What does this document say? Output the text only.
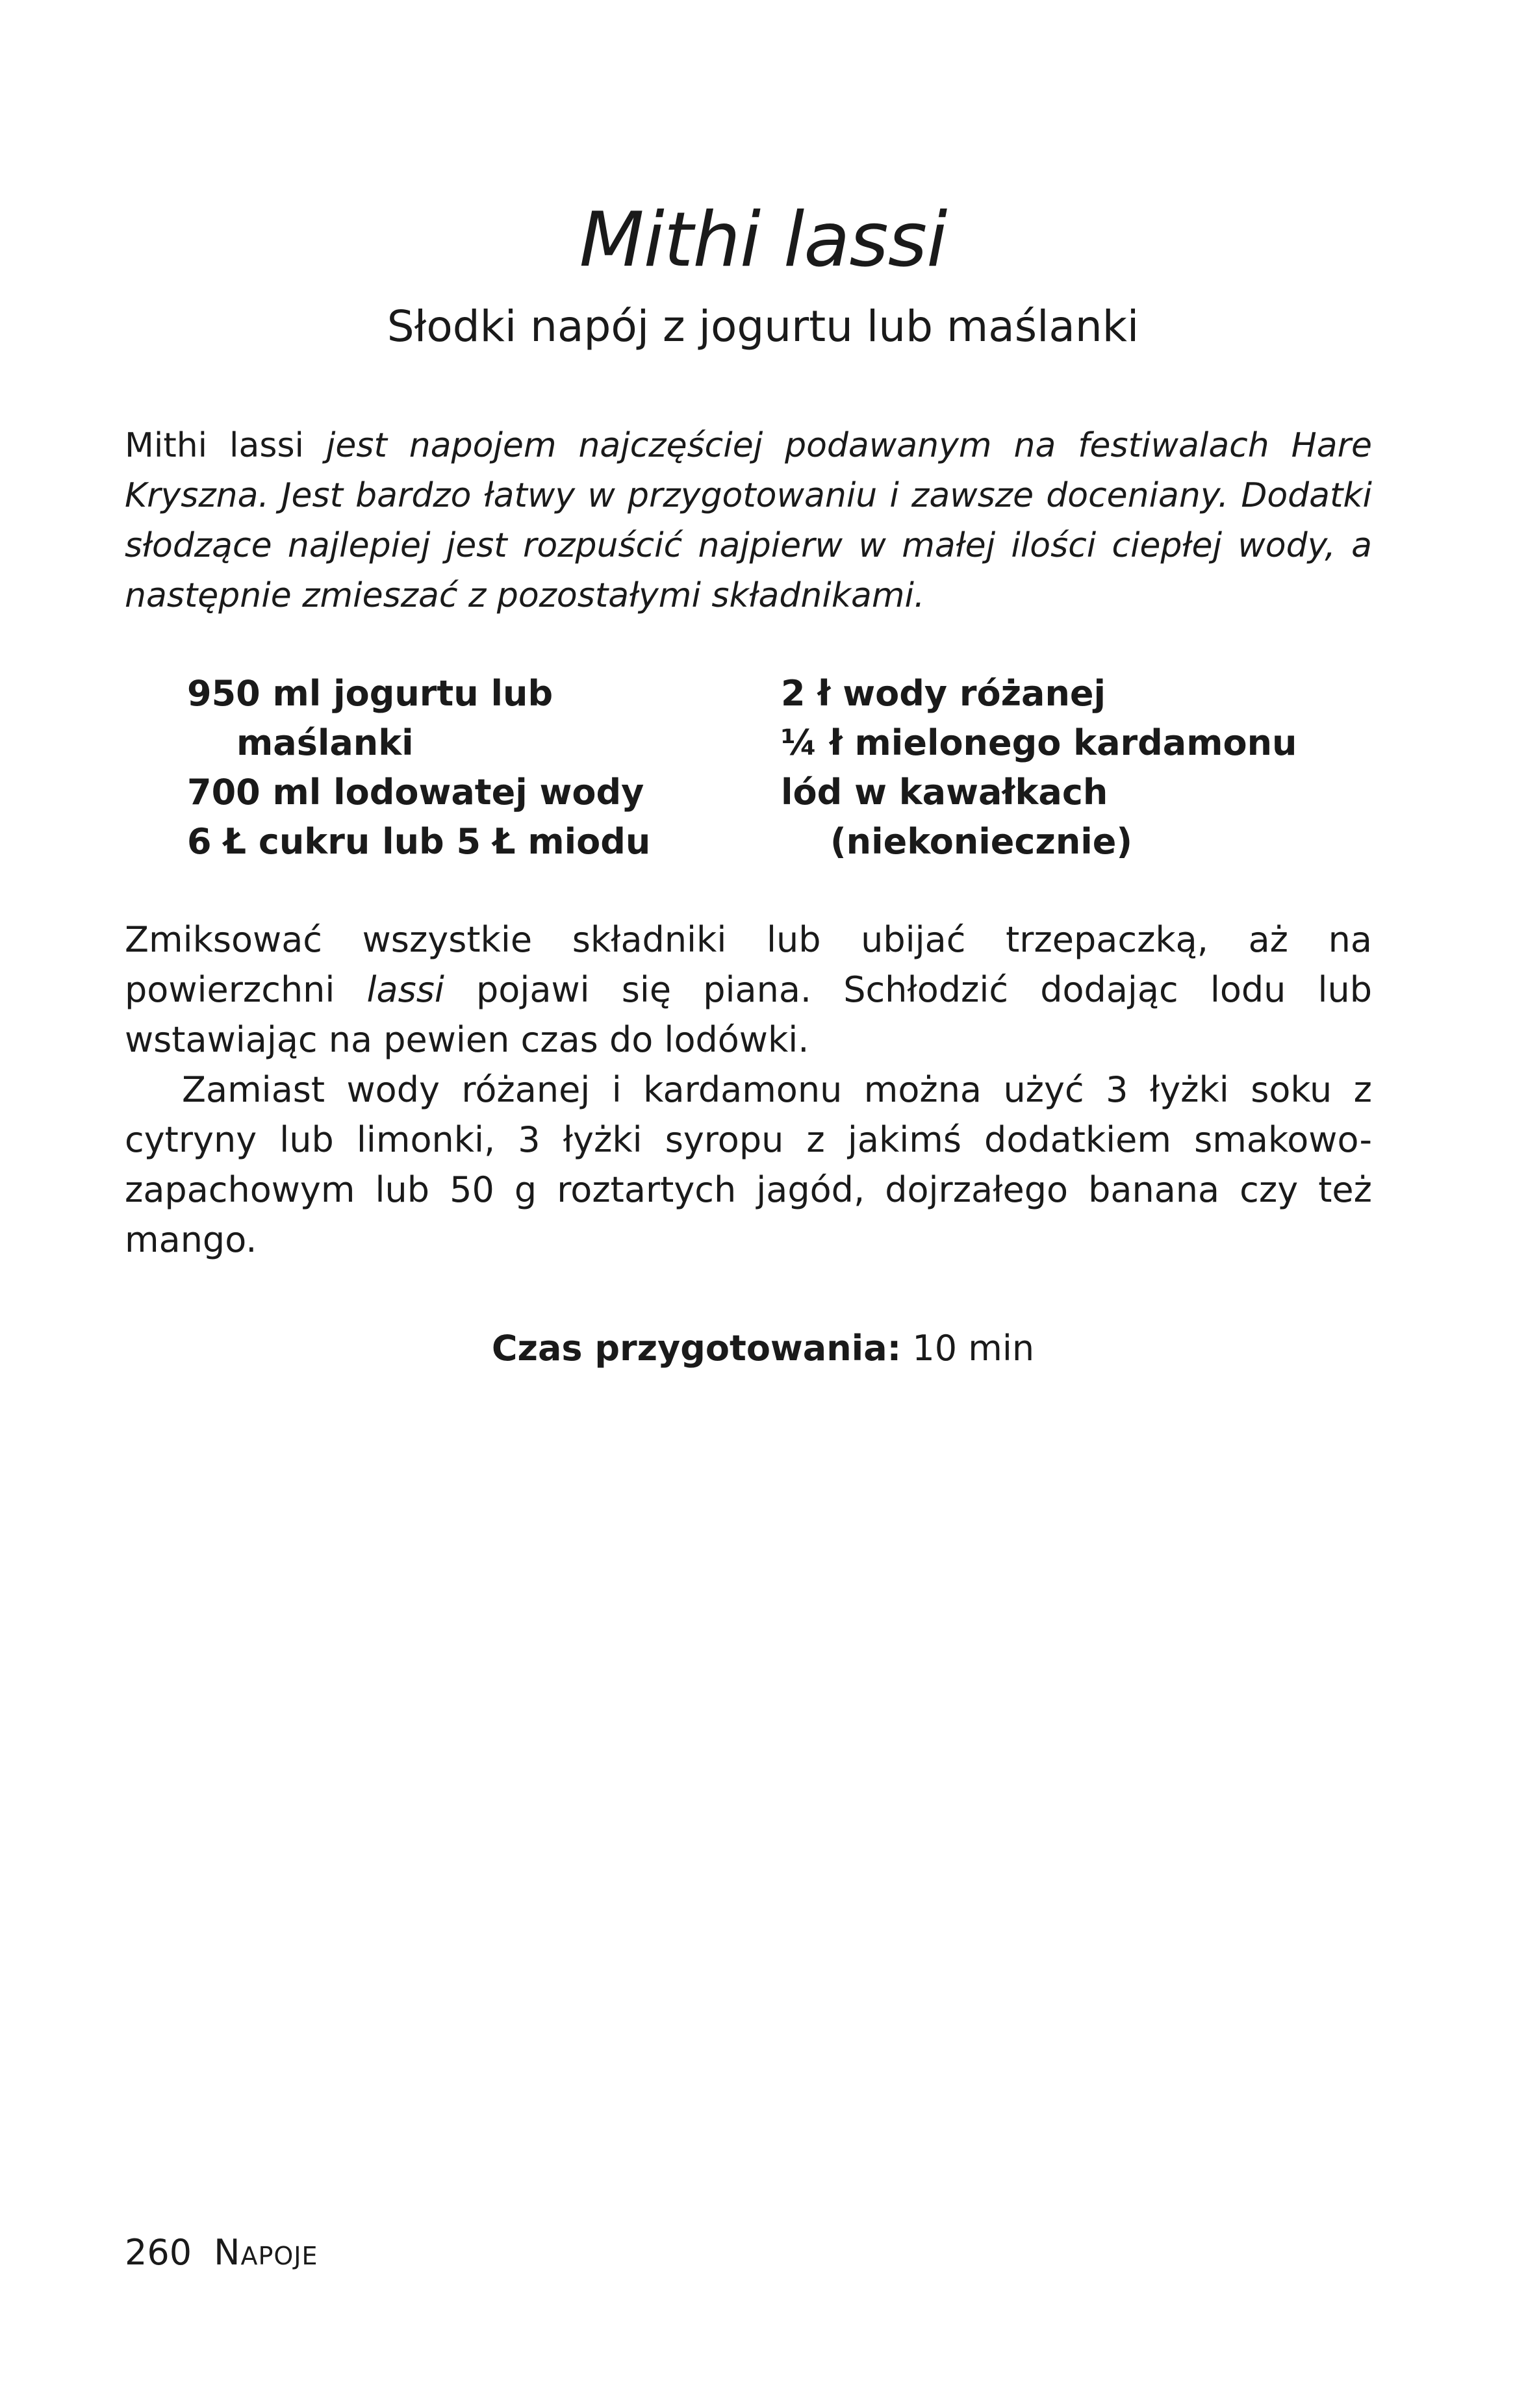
Mithi lassi
Słodki napój z jogurtu lub maślanki
Mithi lassi jest napojem najczęściej podawanym na festiwalach Hare Kryszna. Jest bardzo łatwy w przygotowaniu i zawsze doceniany. Dodatki słodzące najlepiej jest rozpuścić najpierw w małej ilości ciepłej wody, a następnie zmieszać z pozostałymi składnikami.
950 ml jogurtu lub
maślanki
700 ml lodowatej wody
6 Ł cukru lub 5 Ł miodu
2 ł wody różanej
¼ ł mielonego kardamonu
lód w kawałkach
(niekoniecznie)

Zmiksować wszystkie składniki lub ubijać trzepaczką, aż na powierzchni lassi pojawi się piana. Schłodzić dodając lodu lub wstawiając na pewien czas do lodówki.

Zamiast wody różanej i kardamonu można użyć 3 łyżki soku z cytryny lub limonki, 3 łyżki syropu z jakimś dodatkiem smakowo-zapachowym lub 50 g roztartych jagód, dojrzałego banana czy też mango.

Czas przygotowania: 10 min
260 Napoje
